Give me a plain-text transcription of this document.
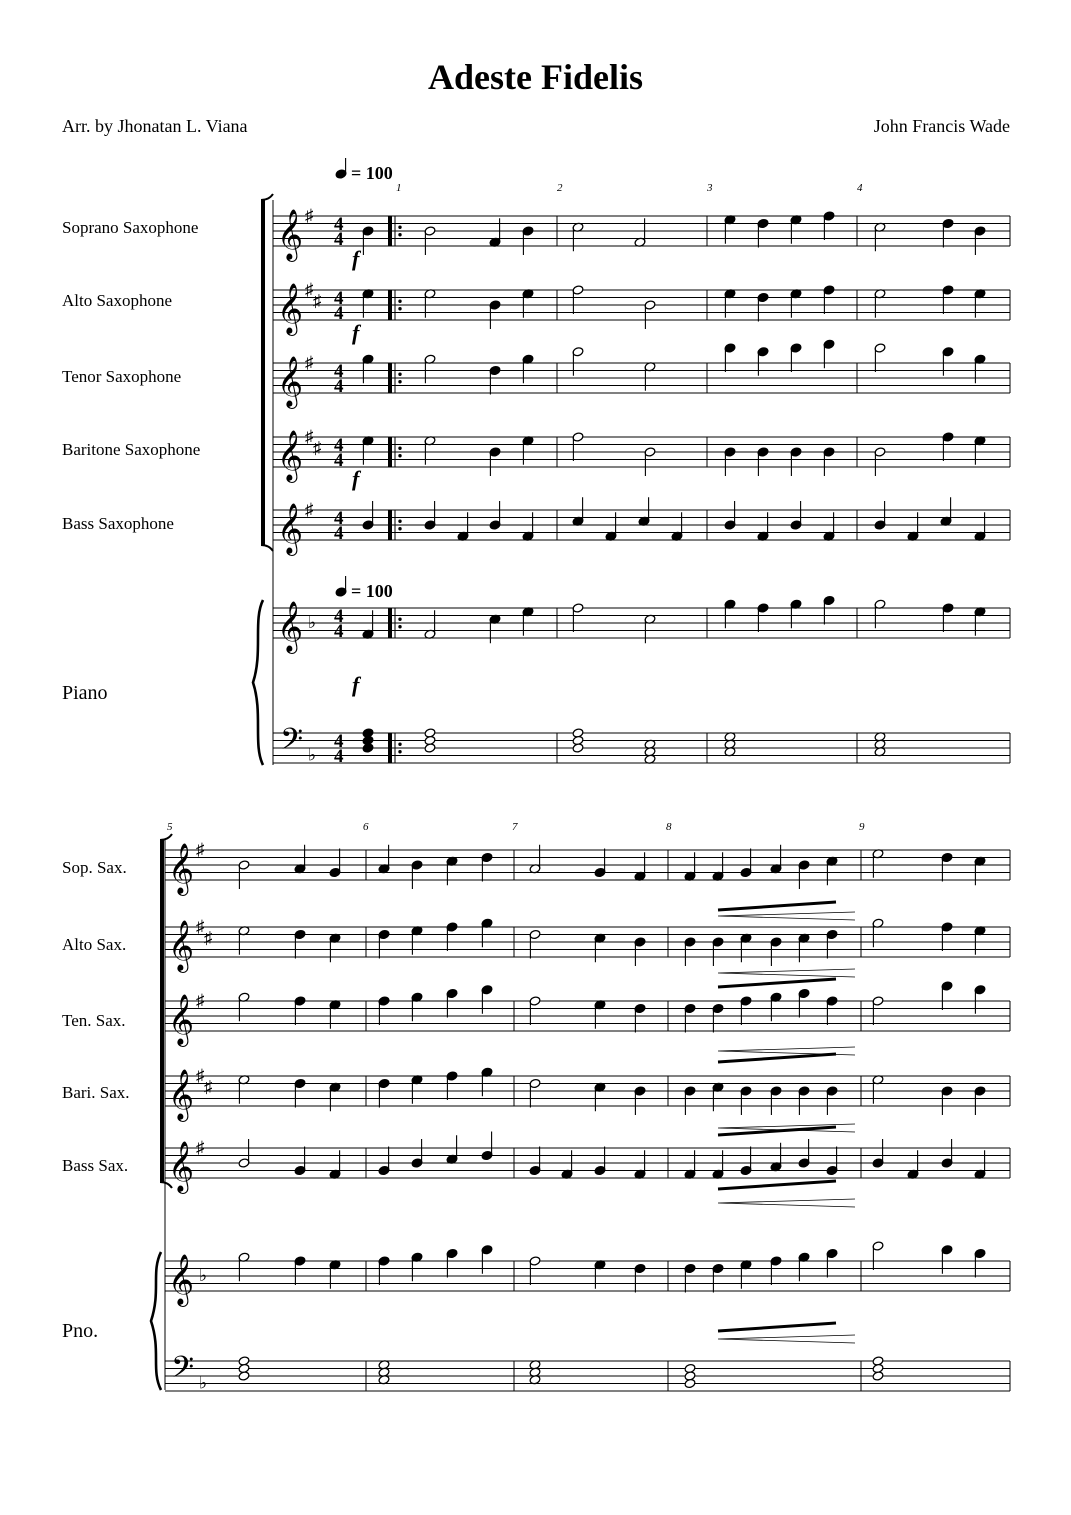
Adeste Fidelis
Arr. by Jhonatan L. Viana	John Francis Wade
Soprano Saxophone
Alto Saxophone
Tenor Saxophone
Baritone Saxophone
Bass Saxophone
Piano
Sop. Sax.
Alto Sax.
Ten. Sax.
Bari. Sax.
Bass Sax.
Pno.
𝄞 ♯ 4
4
𝄞 ♯
♯ 4
4
𝄞 ♯ 4
4
𝄞 ♯
♯ 4
4
𝄞 ♯ 4
4
𝄞
𝄢
♭
♭
4
4
4
4
1	2	3	4
= 100
= 100
f
f
f
f
𝄞 ♯
𝄞 ♯
♯
𝄞 ♯
𝄞 ♯
♯
𝄞 ♯
𝄞
𝄢
♭
♭
5	6	7	8	9
